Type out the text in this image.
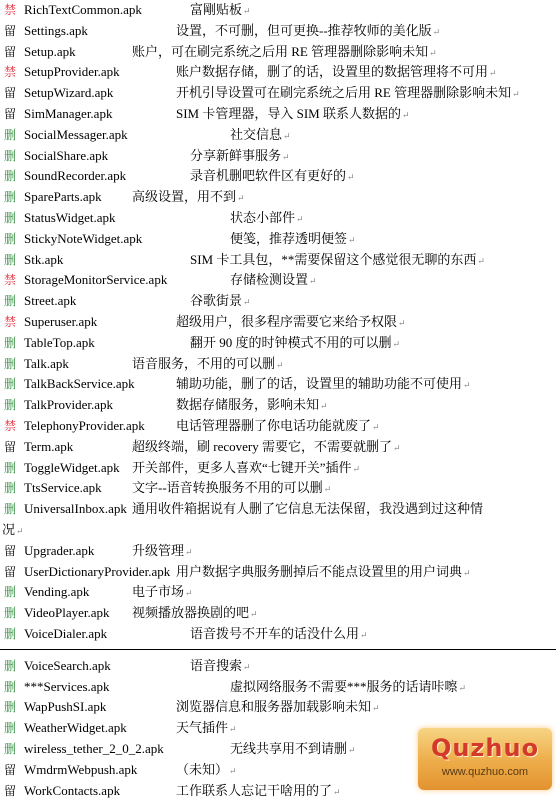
禁 RichTextCommon.apk	富剛贴板↵
留 Settings.apk	设置，不可删，但可更换--推荐牧师的美化版↵
留 Setup.apk	账户，可在刷完系统之后用 RE 管理器删除影响未知↵
禁 SetupProvider.apk	账户数据存储，删了的话，设置里的数据管理将不可用↵
留 SetupWizard.apk	开机引导设置可在刷完系统之后用 RE 管理器删除影响未知↵
留 SimManager.apk	SIM 卡管理器，导入 SIM 联系人数据的↵
删 SocialMessager.apk	社交信息↵
删 SocialShare.apk	分享新鲜事服务↵
删 SoundRecorder.apk	录音机删吧软件区有更好的↵
删 SpareParts.apk 高级设置，用不到↵
删 StatusWidget.apk	状态小部件↵
删 StickyNoteWidget.apk	便笺，推荐透明便签↵
删 Stk.apk	SIM 卡工具包，**需要保留这个感觉很无聊的东西↵
禁 StorageMonitorService.apk	存储检测设置↵
删 Street.apk	谷歌街景↵
禁 Superuser.apk	超级用户，很多程序需要它来给予权限↵
删 TableTop.apk	翻开 90 度的时钟模式不用的可以删↵
删 Talk.apk	语音服务，不用的可以删↵
删 TalkBackService.apk	辅助功能，删了的话，设置里的辅助功能不可使用↵
删 TalkProvider.apk	数据存储服务，影响未知↵
禁 TelephonyProvider.apk 电话管理器删了你电话功能就废了↵
留 Term.apk	超级终端，刷 recovery 需要它，不需要就删了↵
删 ToggleWidget.apk 开关部件，更多人喜欢“七键开关”插件↵
删 TtsService.apk 文字--语音转换服务不用的可以删↵
删 UniversalInbox.apk 通用收件箱据说有人删了它信息无法保留，我没遇到过这种情
况↵
留 Upgrader.apk	升级管理↵
留 UserDictionaryProvider.apk 用户数据字典服务删掉后不能点设置里的用户词典↵
删 Vending.apk	电子市场↵
删 VideoPlayer.apk 视频播放器换剧的吧↵
删 VoiceDialer.apk	语音拨号不开车的话没什么用↵
删 VoiceSearch.apk	语音搜索↵
删 ***Services.apk	虚拟网络服务不需要***服务的话请咔嚓↵
删 WapPushSI.apk	浏览器信息和服务器加载影响未知↵
删 WeatherWidget.apk	天气插件↵
删 wireless_tether_2_0_2.apk	无线共享用不到请删↵
留 WmdrmWebpush.apk	（未知）↵
留 WorkContacts.apk	工作联系人忘记干啥用的了↵
Quzhuo
www.quzhuo.com
